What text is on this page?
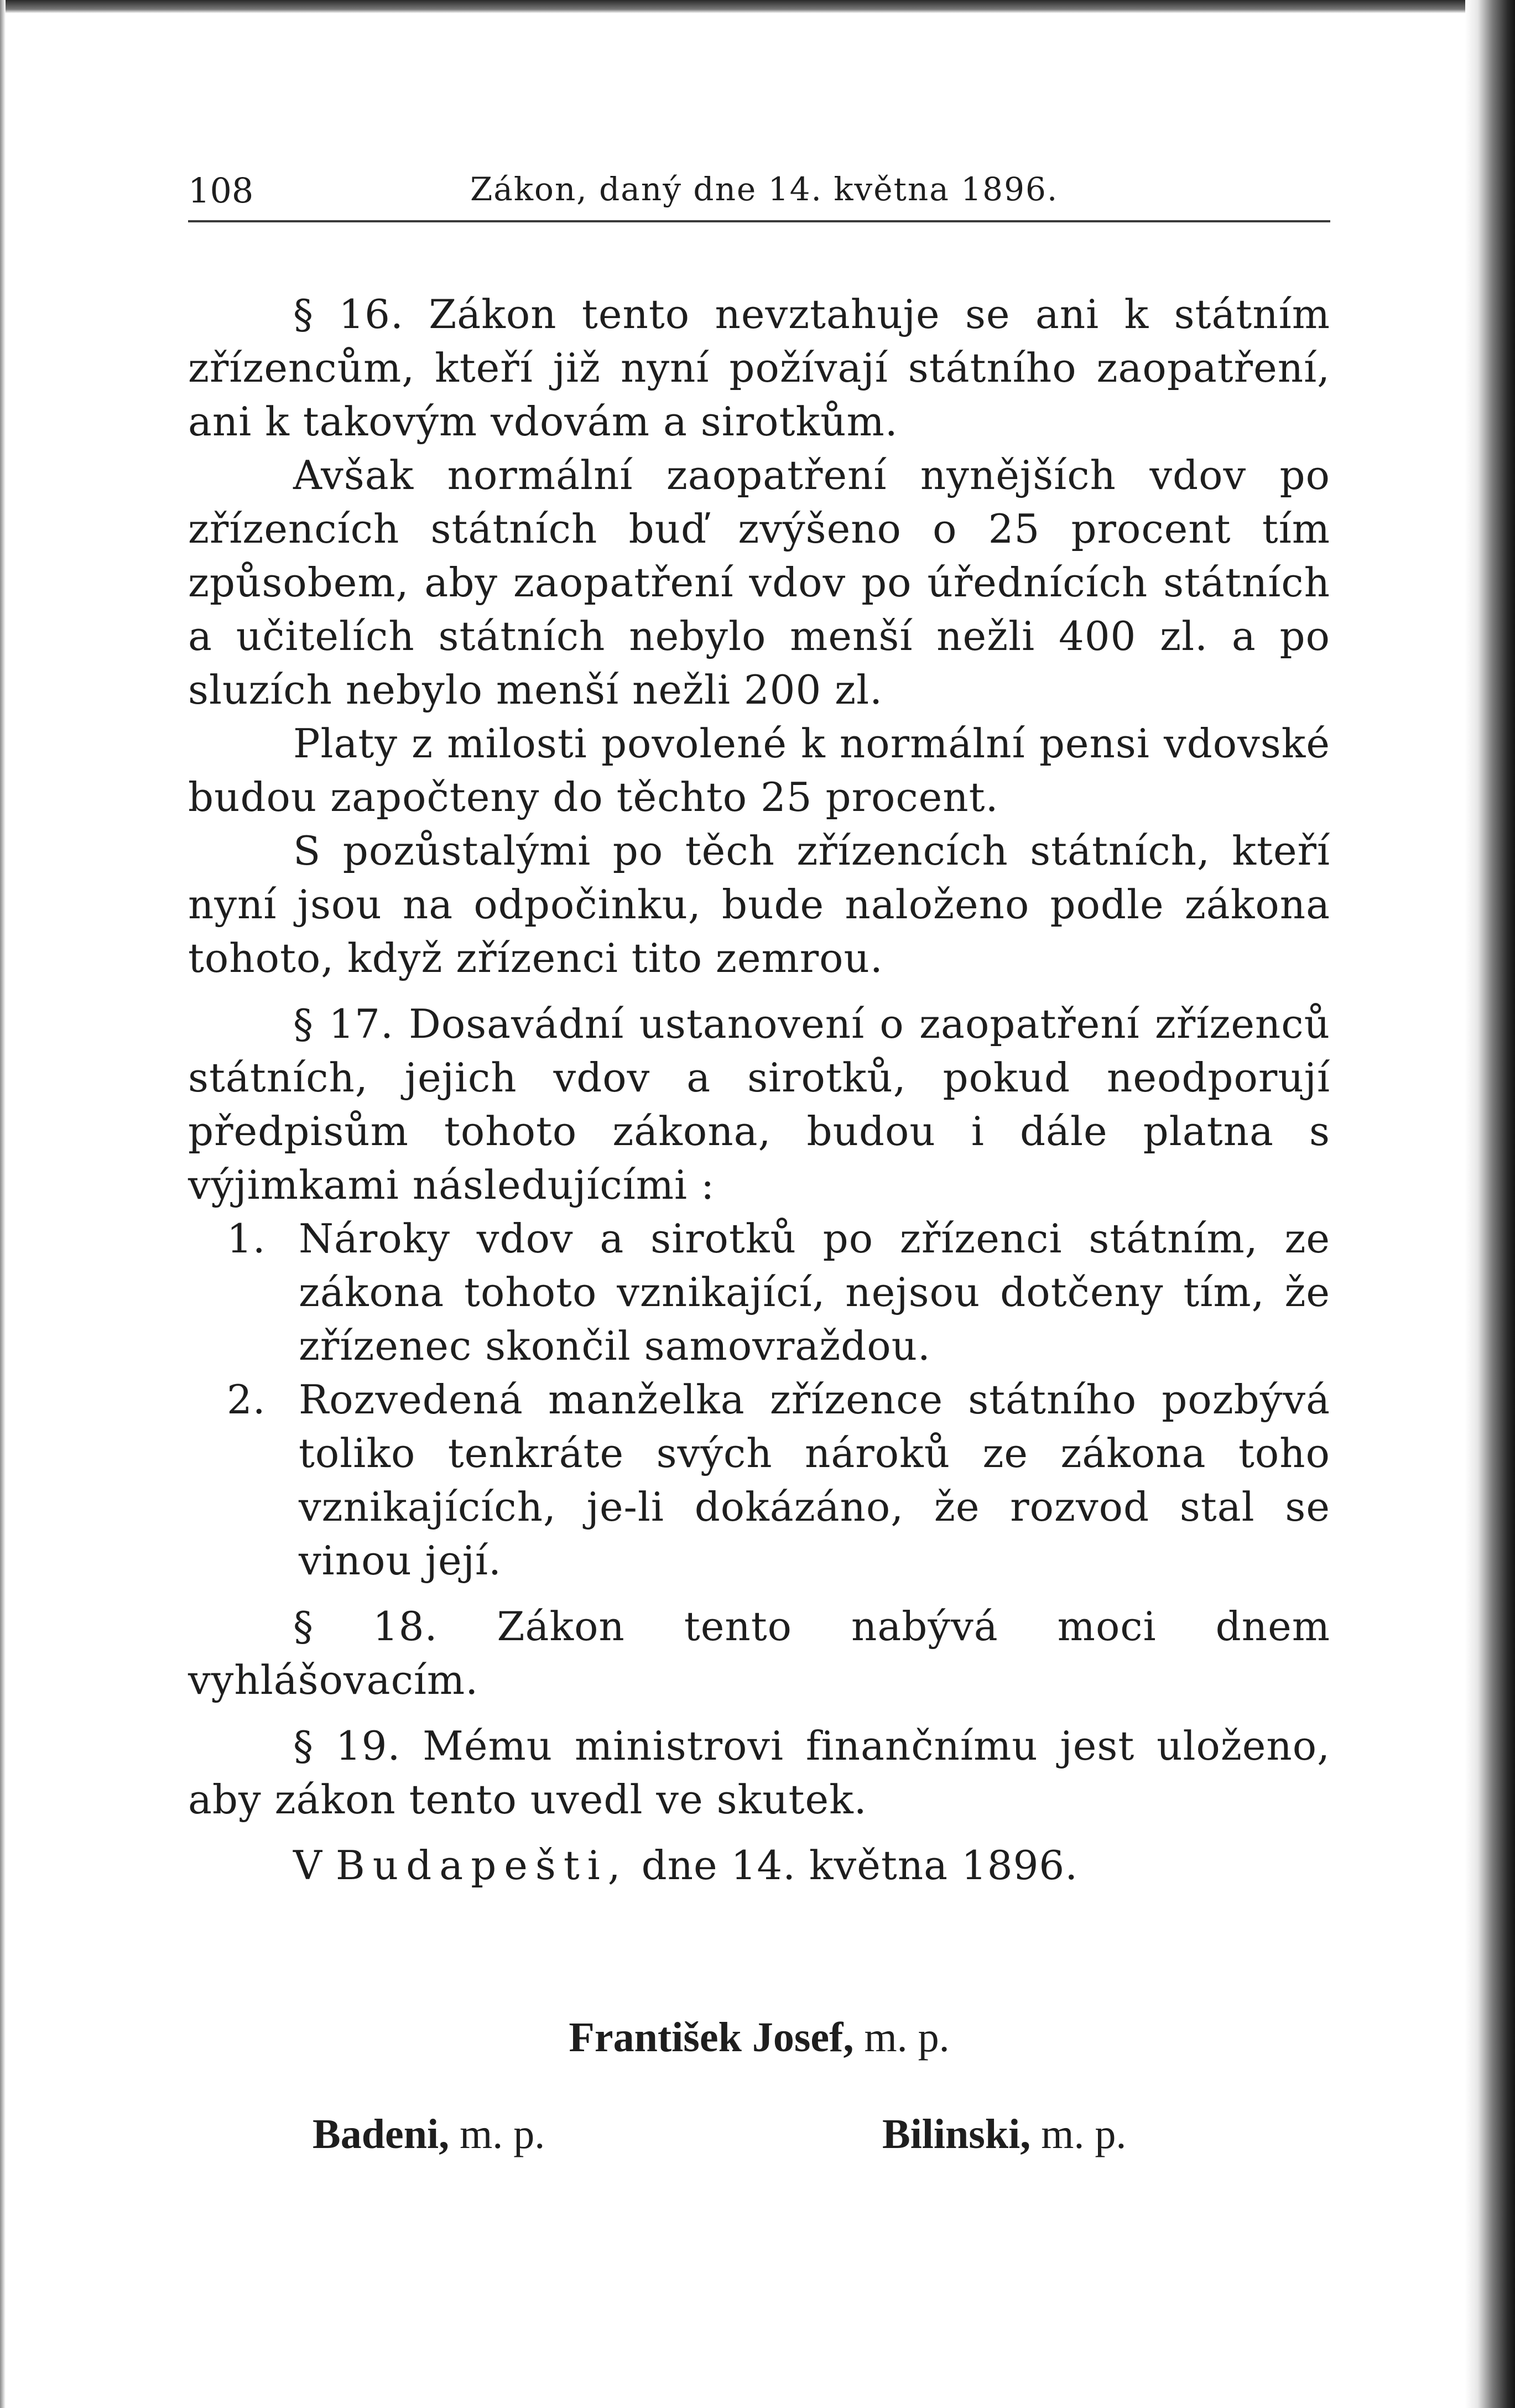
108	Zákon, daný dne 14. května 1896.

§ 16. Zákon tento nevztahuje se ani k státním zřízencům, kteří již nyní požívají státního zaopatření, ani k takovým vdovám a sirotkům.

Avšak normální zaopatření nynějších vdov po zřízencích státních buď zvýšeno o 25 procent tím způsobem, aby zaopatření vdov po úřednících státních a učitelích státních nebylo menší nežli 400 zl. a po sluzích nebylo menší nežli 200 zl.

Platy z milosti povolené k normální pensi vdovské budou započteny do těchto 25 procent.

S pozůstalými po těch zřízencích státních, kteří nyní jsou na odpočinku, bude naloženo podle zákona tohoto, když zřízenci tito zemrou.

§ 17. Dosavádní ustanovení o zaopatření zřízenců státních, jejich vdov a sirotků, pokud neodporují předpisům tohoto zákona, budou i dále platna s výjimkami následujícími :

1. Nároky vdov a sirotků po zřízenci státním, ze zákona tohoto vznikající, nejsou dotčeny tím, že zřízenec skončil samovraždou.
2. Rozvedená manželka zřízence státního pozbývá toliko tenkráte svých nároků ze zákona toho vznikajících, je-li dokázáno, že rozvod stal se vinou její.

§ 18. Zákon tento nabývá moci dnem vyhlášovacím.

§ 19. Mému ministrovi finančnímu jest uloženo, aby zákon tento uvedl ve skutek.

V Budapešti, dne 14. května 1896.

František Josef, m. p.
Badeni, m. p.	Bilinski, m. p.
